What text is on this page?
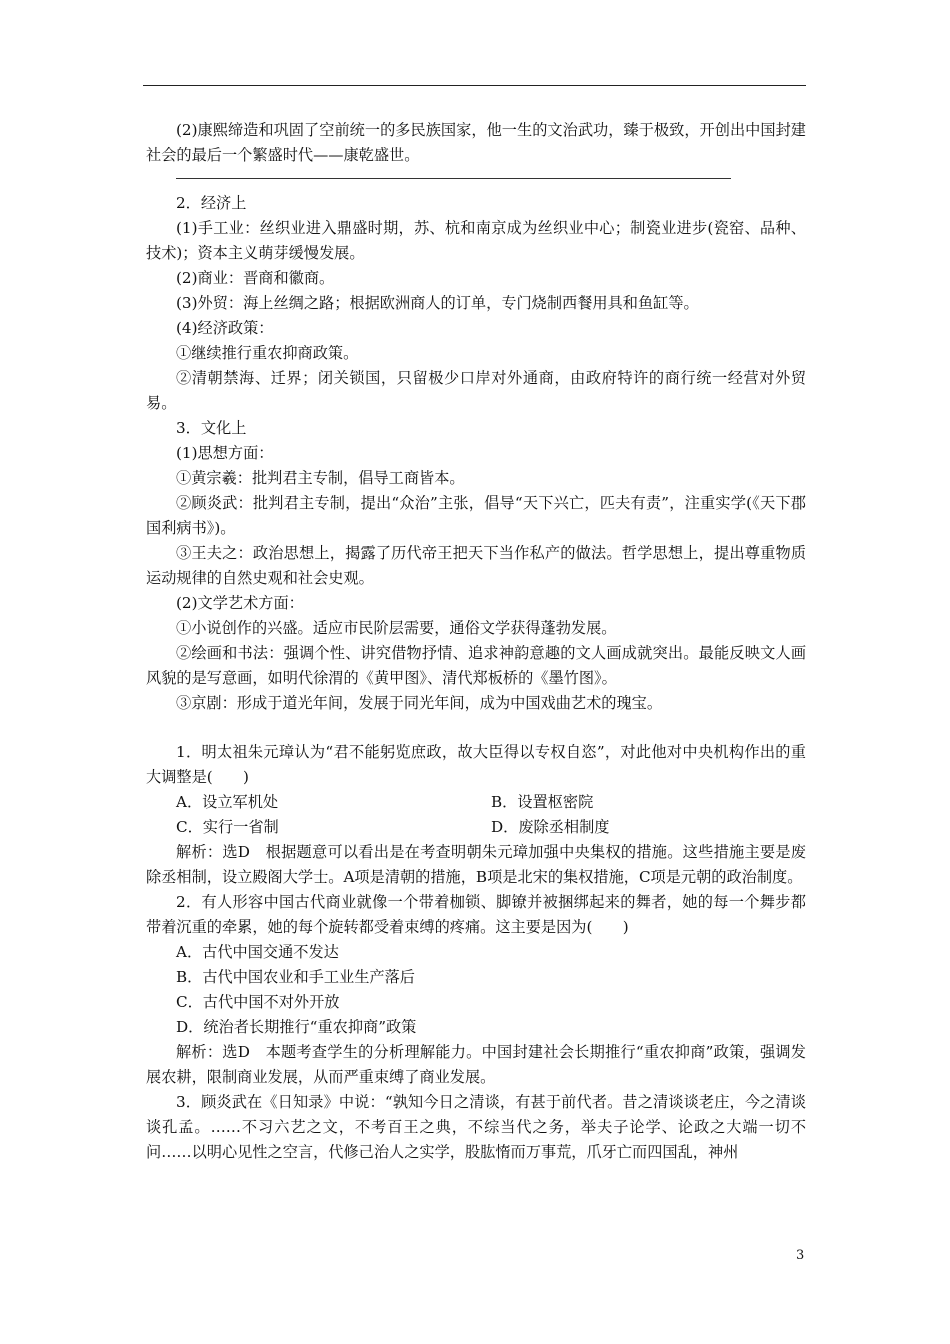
(2)康熙缔造和巩固了空前统一的多民族国家，他一生的文治武功，臻于极致，开创出中国封建社会的最后一个繁盛时代——康乾盛世。

2．经济上

(1)手工业：丝织业进入鼎盛时期，苏、杭和南京成为丝织业中心；制瓷业进步(瓷窑、品种、技术)；资本主义萌芽缓慢发展。

(2)商业：晋商和徽商。

(3)外贸：海上丝绸之路；根据欧洲商人的订单，专门烧制西餐用具和鱼缸等。

(4)经济政策：

①继续推行重农抑商政策。

②清朝禁海、迁界；闭关锁国，只留极少口岸对外通商，由政府特许的商行统一经营对外贸易。

3．文化上

(1)思想方面：

①黄宗羲：批判君主专制，倡导工商皆本。

②顾炎武：批判君主专制，提出“众治”主张，倡导“天下兴亡，匹夫有责”，注重实学(《天下郡国利病书》)。

③王夫之：政治思想上，揭露了历代帝王把天下当作私产的做法。哲学思想上，提出尊重物质运动规律的自然史观和社会史观。

(2)文学艺术方面：

①小说创作的兴盛。适应市民阶层需要，通俗文学获得蓬勃发展。

②绘画和书法：强调个性、讲究借物抒情、追求神韵意趣的文人画成就突出。最能反映文人画风貌的是写意画，如明代徐渭的《黄甲图》、清代郑板桥的《墨竹图》。

③京剧：形成于道光年间，发展于同光年间，成为中国戏曲艺术的瑰宝。

1．明太祖朱元璋认为“君不能躬览庶政，故大臣得以专权自恣”，对此他对中央机构作出的重大调整是(　　)

A．设立军机处	B．设置枢密院
C．实行一省制	D．废除丞相制度

解析：选D　根据题意可以看出是在考查明朝朱元璋加强中央集权的措施。这些措施主要是废除丞相制，设立殿阁大学士。A项是清朝的措施，B项是北宋的集权措施，C项是元朝的政治制度。

2．有人形容中国古代商业就像一个带着枷锁、脚镣并被捆绑起来的舞者，她的每一个舞步都带着沉重的牵累，她的每个旋转都受着束缚的疼痛。这主要是因为(　　)

A．古代中国交通不发达

B．古代中国农业和手工业生产落后

C．古代中国不对外开放

D．统治者长期推行“重农抑商”政策

解析：选D　本题考查学生的分析理解能力。中国封建社会长期推行“重农抑商”政策，强调发展农耕，限制商业发展，从而严重束缚了商业发展。

3．顾炎武在《日知录》中说：“孰知今日之清谈，有甚于前代者。昔之清谈谈老庄，今之清谈谈孔孟。……不习六艺之文，不考百王之典，不综当代之务，举夫子论学、论政之大端一切不问……以明心见性之空言，代修己治人之实学，股肱惰而万事荒，爪牙亡而四国乱，神州

3
